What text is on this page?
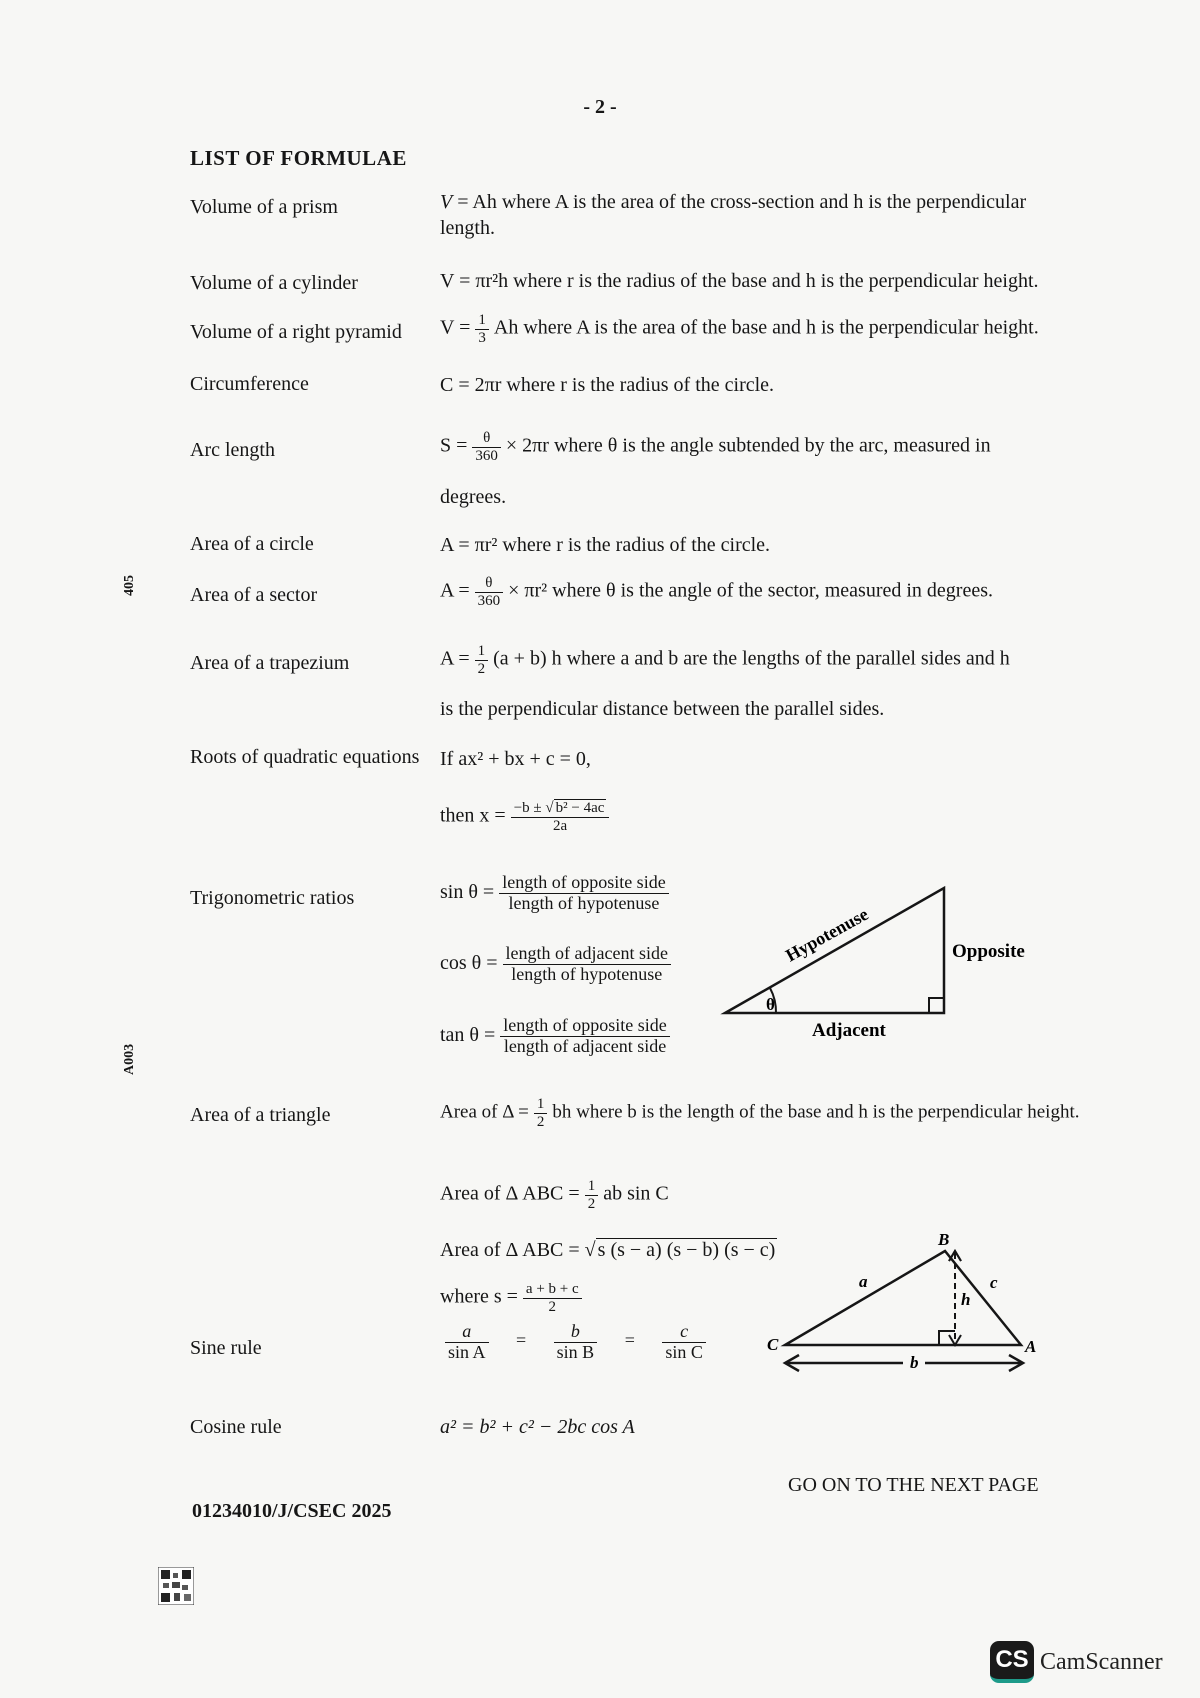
- 2 -
LIST OF FORMULAE
405
A003
Volume of a prism	V = Ah where A is the area of the cross-section and h is the perpendicular length.
Volume of a cylinder	V = πr²h where r is the radius of the base and h is the perpendicular height.
Volume of a right pyramid $V = \frac{1}{3}$ Ah where A is the area of the base and h is the perpendicular height.
Circumference	C = 2πr where r is the radius of the circle.
Arc length	$S = \frac{\theta}{360} \times 2\pi r$ where θ is the angle subtended by the arc, measured in
degrees.
Area of a circle	A = πr² where r is the radius of the circle.
Area of a sector	$A = \frac{\theta}{360} \times \pi r^2$ where θ is the angle of the sector, measured in degrees.
Area of a trapezium	$A = \frac{1}{2} (a + b)$ h where a and b are the lengths of the parallel sides and h
is the perpendicular distance between the parallel sides.
Roots of quadratic equations If ax² + bx + c = 0,
then $x = \frac{\text{−b ± √ b² − 4ac}}{2a}$
Trigonometric ratios	$\sin \theta = \frac{\text{length of opposite side}}{\text{length of hypotenuse}}$
$\cos \theta = \frac{\text{length of adjacent side}}{\text{length of hypotenuse}}$
$\tan \theta = \frac{\text{length of opposite side}}{\text{length of adjacent side}}$
θ
Hypotenuse	Opposite
Adjacent
Area of a triangle	Area of $\Delta = \frac{1}{2}$ bh where b is the length of the base and h is the perpendicular height.
Area of Δ ABC = $\frac{1}{2}$ ab sin C
Area of Δ ABC = √ s (s − a) (s − b) (s − c)
where $s = \frac{a + b + c}{2}$
Sine rule	$\frac{a}{\text{sin A}} = \frac{b}{\text{sin B}} = \frac{c}{\text{sin C}}$
B
C	A
a	c
b
h
Cosine rule	a² = b² + c² − 2bc cos A
GO ON TO THE NEXT PAGE
01234010/J/CSEC 2025
CS CamScanner
